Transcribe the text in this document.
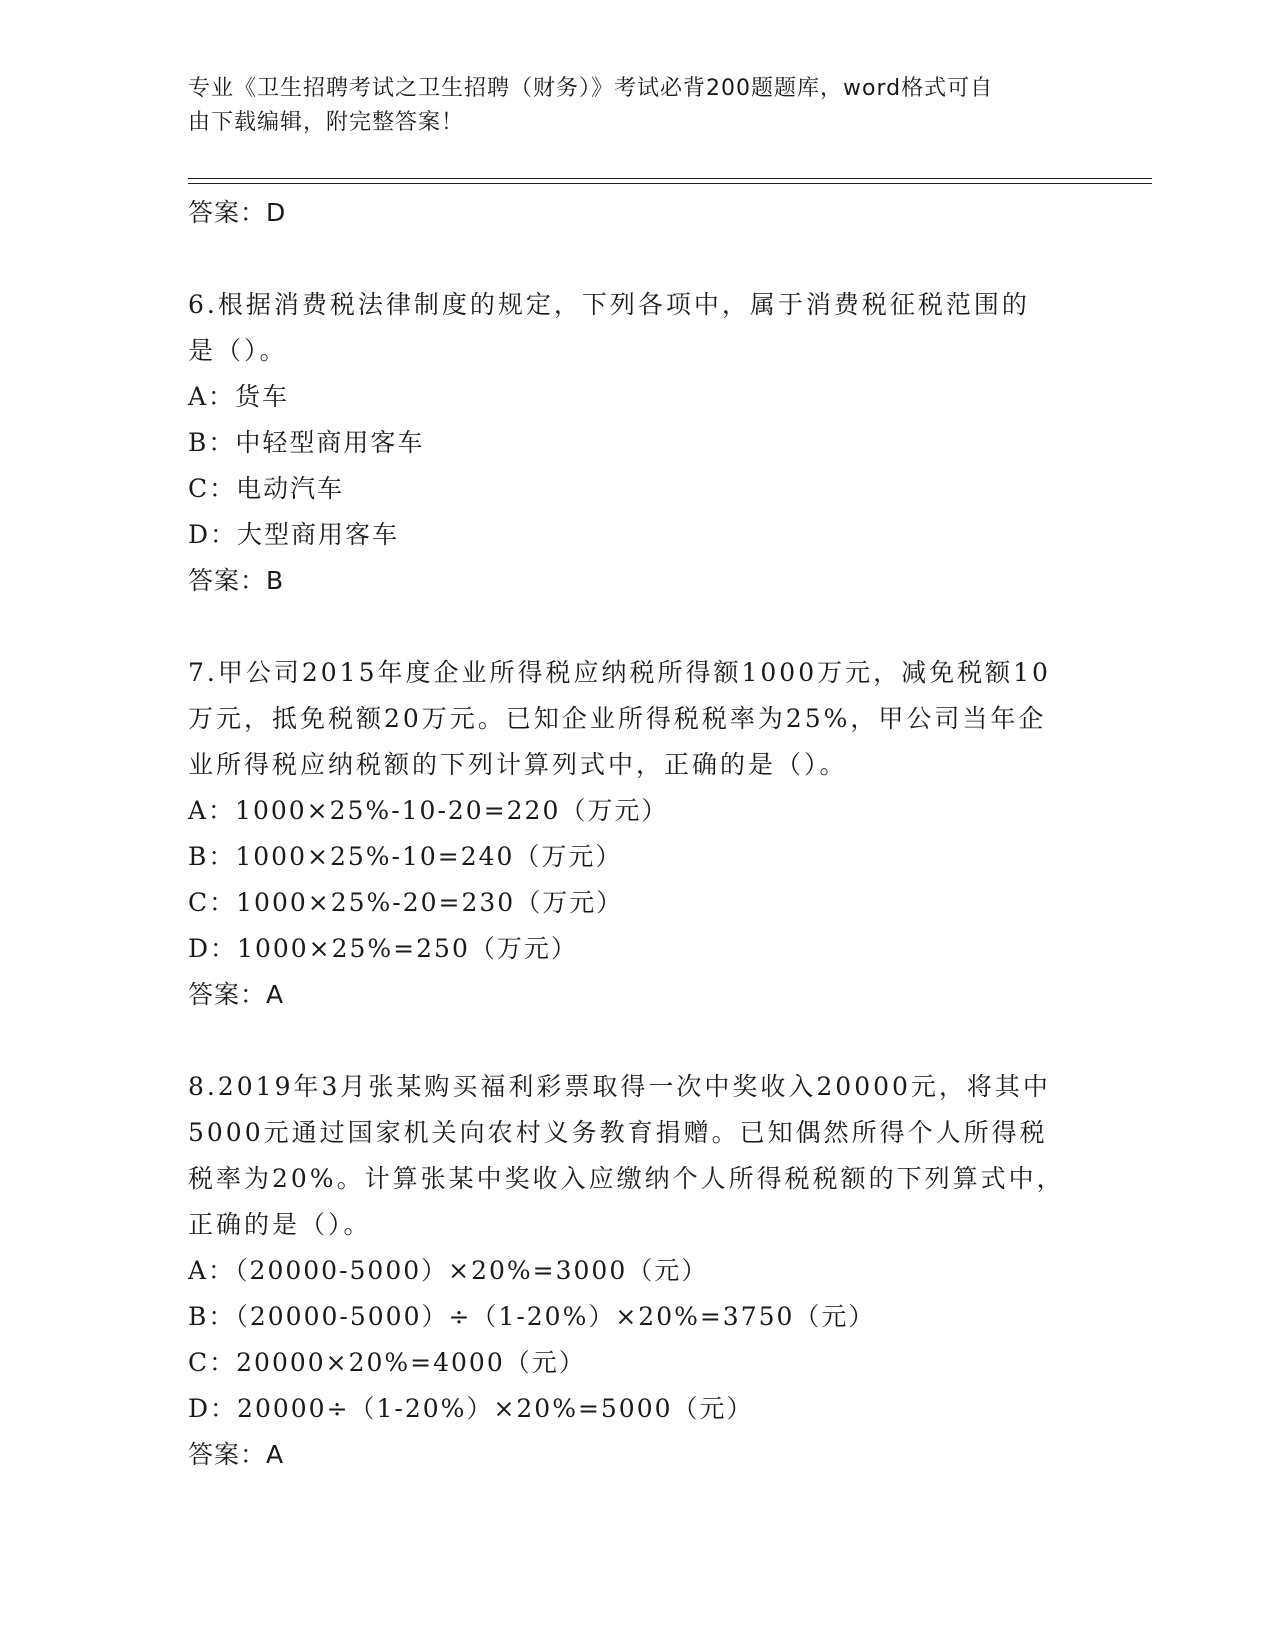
专业《卫生招聘考试之卫生招聘（财务）》考试必背200题题库，word格式可自
由下载编辑，附完整答案！
答案：D
6.根据消费税法律制度的规定，下列各项中，属于消费税征税范围的
是（）。
A：货车
B：中轻型商用客车
C：电动汽车
D：大型商用客车
答案：B
7.甲公司2015年度企业所得税应纳税所得额1000万元，减免税额10
万元，抵免税额20万元。已知企业所得税税率为25%，甲公司当年企
业所得税应纳税额的下列计算列式中，正确的是（）。
A：1000×25%-10-20=220（万元）
B：1000×25%-10=240（万元）
C：1000×25%-20=230（万元）
D：1000×25%=250（万元）
答案：A
8.2019年3月张某购买福利彩票取得一次中奖收入20000元，将其中
5000元通过国家机关向农村义务教育捐赠。已知偶然所得个人所得税
税率为20%。计算张某中奖收入应缴纳个人所得税税额的下列算式中，
正确的是（）。
A：（20000-5000）×20%=3000（元）
B：（20000-5000）÷（1-20%）×20%=3750（元）
C：20000×20%=4000（元）
D：20000÷（1-20%）×20%=5000（元）
答案：A
